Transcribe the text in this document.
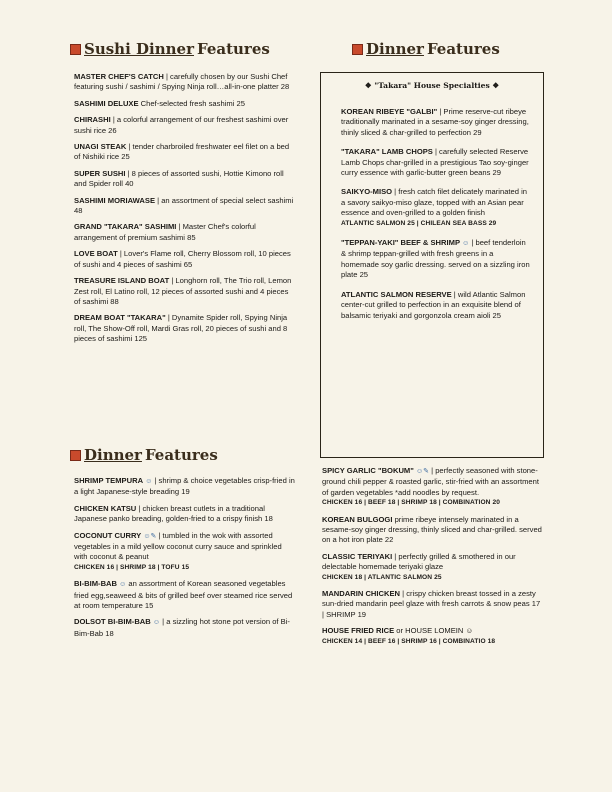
Sushi Dinner Features
MASTER CHEF'S CATCH | carefully chosen by our Sushi Chef featuring sushi / sashimi / Spying Ninja roll…all-in-one platter 28
SASHIMI DELUXE Chef-selected fresh sashimi 25
CHIRASHI | a colorful arrangement of our freshest sashimi over sushi rice 26
UNAGI STEAK | tender charbroiled freshwater eel filet on a bed of Nishiki rice 25
SUPER SUSHI | 8 pieces of assorted sushi, Hottie Kimono roll and Spider roll 40
SASHIMI MORIAWASE | an assortment of special select sashimi 48
GRAND "TAKARA" SASHIMI | Master Chef's colorful arrangement of premium sashimi 85
LOVE BOAT | Lover's Flame roll, Cherry Blossom roll, 10 pieces of sushi and 4 pieces of sashimi 65
TREASURE ISLAND BOAT | Longhorn roll, The Trio roll, Lemon Zest roll, El Latino roll, 12 pieces of assorted sushi and 4 pieces of sashimi 88
DREAM BOAT "TAKARA" | Dynamite Spider roll, Spying Ninja roll, The Show-Off roll, Mardi Gras roll, 20 pieces of sushi and 8 pieces of sashimi 125
Dinner Features
SHRIMP TEMPURA ☺ | shrimp & choice vegetables crisp-fried in a light Japanese-style breading 19
CHICKEN KATSU | chicken breast cutlets in a traditional Japanese panko breading, golden-fried to a crispy finish 18
COCONUT CURRY ☺✎ | tumbled in the wok with assorted vegetables in a mild yellow coconut curry sauce and sprinkled with coconut & peanut
CHICKEN 16 | SHRIMP 18 | TOFU 15
BI-BIM-BAB ☺ an assortment of Korean seasoned vegetables fried egg,seaweed & bits of grilled beef over steamed rice served at room temperature 15
DOLSOT BI-BIM-BAB ☺ | a sizzling hot stone pot version of Bi-Bim-Bab 18
Dinner Features
❖ "Takara" House Specialties ❖
KOREAN RIBEYE "GALBI" | Prime reserve-cut ribeye traditionally marinated in a sesame-soy ginger dressing, thinly sliced & char-grilled to perfection 29
"TAKARA" LAMB CHOPS | carefully selected Reserve Lamb Chops char-grilled in a prestigious Tao soy-ginger curry essence with garlic-butter green beans 29
SAIKYO-MISO | fresh catch filet delicately marinated in a savory saikyo-miso glaze, topped with an Asian pear essence and oven-grilled to a golden finish
ATLANTIC SALMON 25 | CHILEAN SEA BASS 29
"TEPPAN-YAKI" BEEF & SHRIMP ☺ | beef tenderloin & shrimp teppan-grilled with fresh greens in a homemade soy garlic dressing. served on a sizzling iron plate 25
ATLANTIC SALMON RESERVE | wild Atlantic Salmon center-cut grilled to perfection in an exquisite blend of balsamic teriyaki and gorgonzola cream aioli 25
SPICY GARLIC "BOKUM" ☺✎ | perfectly seasoned with stone-ground chili pepper & roasted garlic, stir-fried with an assortment of garden vegetables *add noodles by request.
CHICKEN 16 | BEEF 18 | SHRIMP 18 | COMBINATION 20
KOREAN BULGOGI prime ribeye intensely marinated in a sesame-soy ginger dressing, thinly sliced and char-grilled. served on a hot iron plate 22
CLASSIC TERIYAKI | perfectly grilled & smothered in our delectable homemade teriyaki glaze
CHICKEN 18 | ATLANTIC SALMON 25
MANDARIN CHICKEN | crispy chicken breast tossed in a zesty sun-dried mandarin peel glaze with fresh carrots & snow peas 17 | SHRIMP 19
HOUSE FRIED RICE or HOUSE LOMEIN ☺
CHICKEN 14 | BEEF 16 | SHRIMP 16 | COMBINATIO 18
